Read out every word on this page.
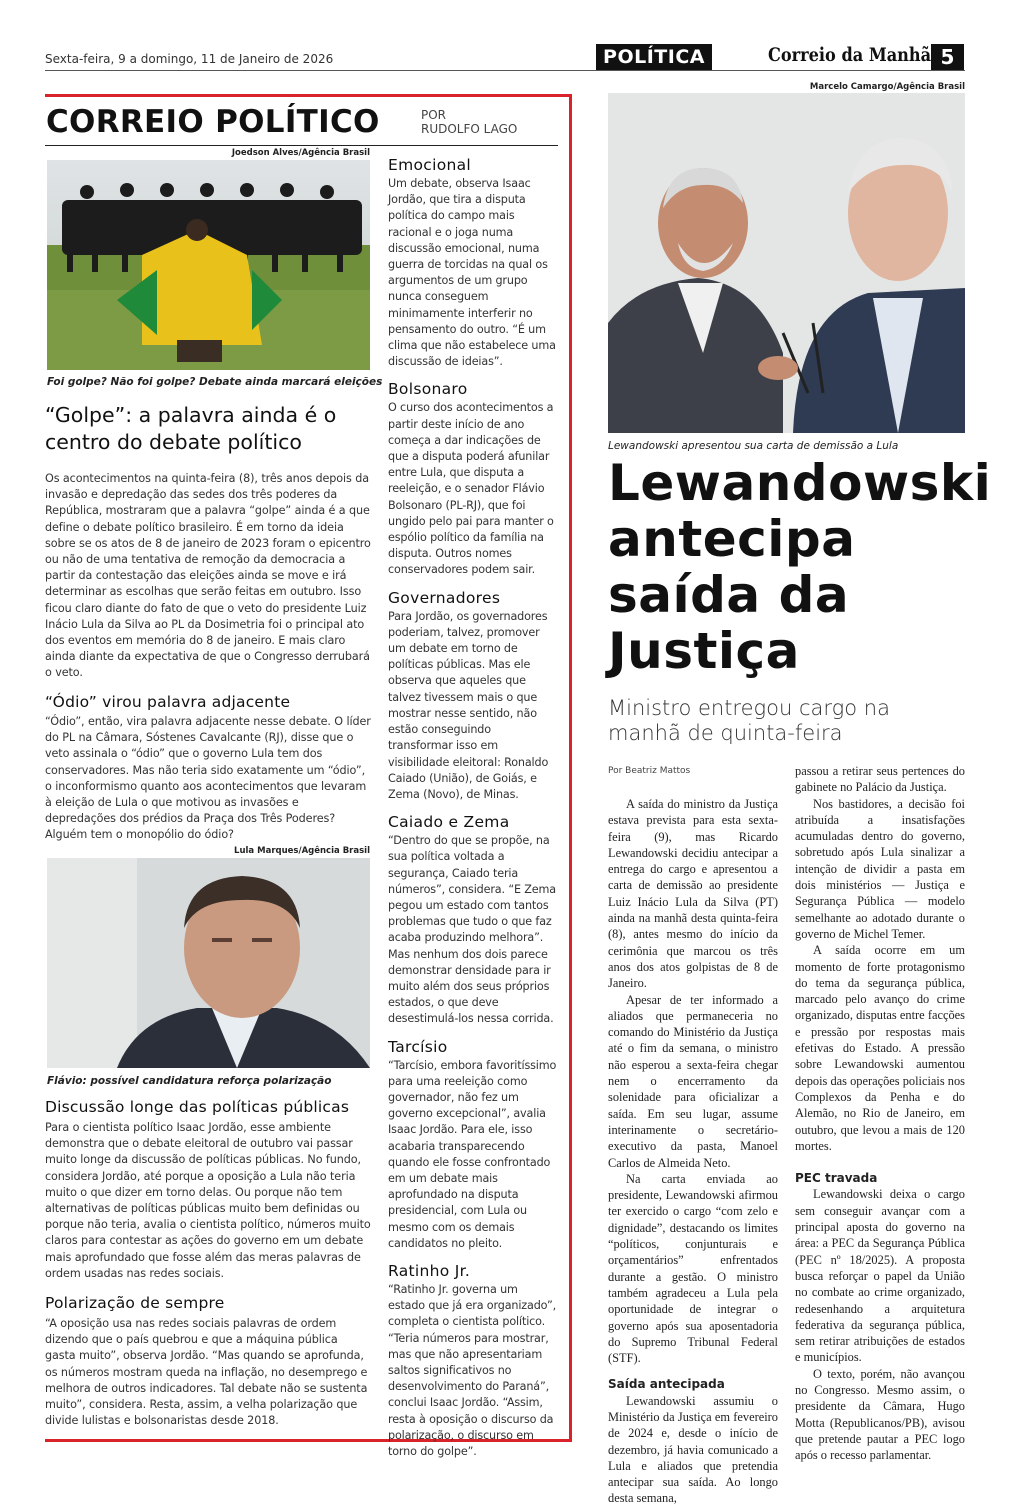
Sexta-feira, 9 a domingo, 11 de Janeiro de 2026	POLÍTICA	Correio da Manhã 5
CORREIO POLÍTICO	POR
RUDOLFO LAGO
Joedson Alves/Agência Brasil
Foi golpe? Não foi golpe? Debate ainda marcará eleições
“Golpe”: a palavra ainda é o centro do debate político

Os acontecimentos na quinta-feira (8), três anos depois da invasão e depredação das sedes dos três poderes da República, mostraram que a palavra “golpe” ainda é a que define o debate político brasileiro. É em torno da ideia sobre se os atos de 8 de janeiro de 2023 foram o epicentro ou não de uma tentativa de remoção da democracia a partir da contestação das eleições ainda se move e irá determinar as escolhas que serão feitas em outubro. Isso ficou claro diante do fato de que o veto do presidente Luiz Inácio Lula da Silva ao PL da Dosimetria foi o principal ato dos eventos em memória do 8 de janeiro. E mais claro ainda diante da expectativa de que o Congresso derrubará o veto.

“Ódio” virou palavra adjacente
“Ódio”, então, vira palavra adjacente nesse debate. O líder do PL na Câmara, Sóstenes Cavalcante (RJ), disse que o veto assinala o “ódio” que o governo Lula tem dos conservadores. Mas não teria sido exatamente um “ódio”, o inconformismo quanto aos acontecimentos que levaram à eleição de Lula o que motivou as invasões e depredações dos prédios da Praça dos Três Poderes? Alguém tem o monopólio do ódio?
Lula Marques/Agência Brasil
Flávio: possível candidatura reforça polarização
Discussão longe das políticas públicas
Para o cientista político Isaac Jordão, esse ambiente demonstra que o debate eleitoral de outubro vai passar muito longe da discussão de políticas públicas. No fundo, considera Jordão, até porque a oposição a Lula não teria muito o que dizer em torno delas. Ou porque não tem alternativas de políticas públicas muito bem definidas ou porque não teria, avalia o cientista político, números muito claros para contestar as ações do governo em um debate mais aprofundado que fosse além das meras palavras de ordem usadas nas redes sociais.
Polarização de sempre
“A oposição usa nas redes sociais palavras de ordem dizendo que o país quebrou e que a máquina pública gasta muito”, observa Jordão. “Mas quando se aprofunda, os números mostram queda na inflação, no desemprego e melhora de outros indicadores. Tal debate não se sustenta muito”, considera. Resta, assim, a velha polarização que divide lulistas e bolsonaristas desde 2018.
Emocional

Um debate, observa Isaac Jordão, que tira a disputa política do campo mais racional e o joga numa discussão emocional, numa guerra de torcidas na qual os argumentos de um grupo nunca conseguem minimamente interferir no pensamento do outro. “É um clima que não estabelece uma discussão de ideias”.

Bolsonaro

O curso dos acontecimentos a partir deste início de ano começa a dar indicações de que a disputa poderá afunilar entre Lula, que disputa a reeleição, e o senador Flávio Bolsonaro (PL-RJ), que foi ungido pelo pai para manter o espólio político da família na disputa. Outros nomes conservadores podem sair.

Governadores

Para Jordão, os governadores poderiam, talvez, promover um debate em torno de políticas públicas. Mas ele observa que aqueles que talvez tivessem mais o que mostrar nesse sentido, não estão conseguindo transformar isso em visibilidade eleitoral: Ronaldo Caiado (União), de Goiás, e Zema (Novo), de Minas.

Caiado e Zema

“Dentro do que se propõe, na sua política voltada a segurança, Caiado teria números”, considera. “E Zema pegou um estado com tantos problemas que tudo o que faz acaba produzindo melhora”. Mas nenhum dos dois parece demonstrar densidade para ir muito além dos seus próprios estados, o que deve desestimulá-los nessa corrida.

Tarcísio

“Tarcísio, embora favoritíssimo para uma reeleição como governador, não fez um governo excepcional”, avalia Isaac Jordão. Para ele, isso acabaria transparecendo quando ele fosse confrontado em um debate mais aprofundado na disputa presidencial, com Lula ou mesmo com os demais candidatos no pleito.

Ratinho Jr.

“Ratinho Jr. governa um estado que já era organizado”, completa o cientista político. “Teria números para mostrar, mas que não apresentariam saltos significativos no desenvolvimento do Paraná”, conclui Isaac Jordão. “Assim, resta à oposição o discurso da polarização, o discurso em torno do golpe”.

Marcelo Camargo/Agência Brasil
Lewandowski apresentou sua carta de demissão a Lula
Lewandowski antecipa saída da Justiça
Ministro entregou cargo na manhã de quinta-feira
Por Beatriz Mattos

A saída do ministro da Justiça estava prevista para esta sexta-feira (9), mas Ricardo Lewandowski decidiu antecipar a entrega do cargo e apresentou a carta de demissão ao presidente Luiz Inácio Lula da Silva (PT) ainda na manhã desta quinta-feira (8), antes mesmo do início da cerimônia que marcou os três anos dos atos golpistas de 8 de Janeiro.

Apesar de ter informado a aliados que permaneceria no comando do Ministério da Justiça até o fim da semana, o ministro não esperou a sexta-feira chegar nem o encerramento da solenidade para oficializar a saída. Em seu lugar, assume interinamente o secretário-executivo da pasta, Manoel Carlos de Almeida Neto.

Na carta enviada ao presidente, Lewandowski afirmou ter exercido o cargo “com zelo e dignidade”, destacando os limites “políticos, conjunturais e orçamentários” enfrentados durante a gestão. O ministro também agradeceu a Lula pela oportunidade de integrar o governo após sua aposentadoria do Supremo Tribunal Federal (STF).

Saída antecipada

Lewandowski assumiu o Ministério da Justiça em fevereiro de 2024 e, desde o início de dezembro, já havia comunicado a Lula e aliados que pretendia antecipar sua saída. Ao longo desta semana,

passou a retirar seus pertences do gabinete no Palácio da Justiça.

Nos bastidores, a decisão foi atribuída a insatisfações acumuladas dentro do governo, sobretudo após Lula sinalizar a intenção de dividir a pasta em dois ministérios — Justiça e Segurança Pública — modelo semelhante ao adotado durante o governo de Michel Temer.

A saída ocorre em um momento de forte protagonismo do tema da segurança pública, marcado pelo avanço do crime organizado, disputas entre facções e pressão por respostas mais efetivas do Estado. A pressão sobre Lewandowski aumentou depois das operações policiais nos Complexos da Penha e do Alemão, no Rio de Janeiro, em outubro, que levou a mais de 120 mortes.

PEC travada

Lewandowski deixa o cargo sem conseguir avançar com a principal aposta do governo na área: a PEC da Segurança Pública (PEC nº 18/2025). A proposta busca reforçar o papel da União no combate ao crime organizado, redesenhando a arquitetura federativa da segurança pública, sem retirar atribuições de estados e municípios.

O texto, porém, não avançou no Congresso. Mesmo assim, o presidente da Câmara, Hugo Motta (Republicanos/PB), avisou que pretende pautar a PEC logo após o recesso parlamentar.
